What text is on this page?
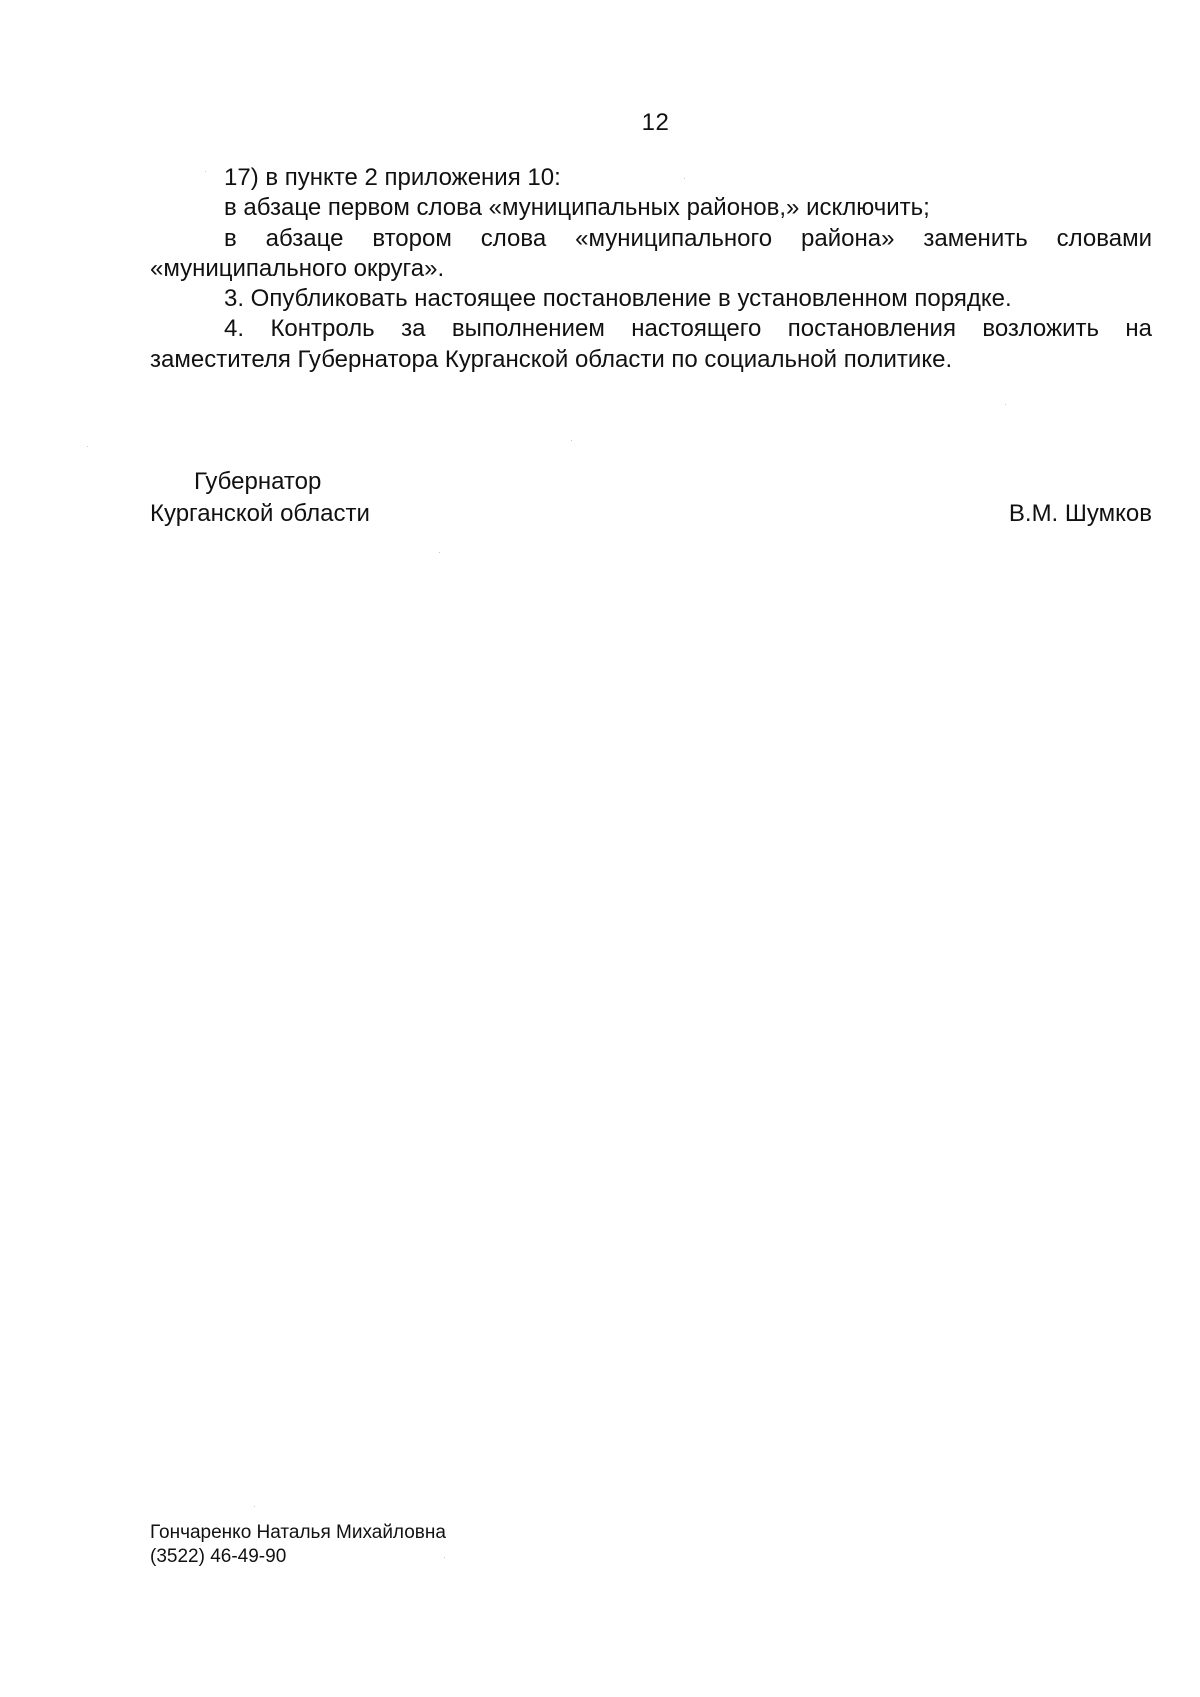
12

17) в пункте 2 приложения 10:

в абзаце первом слова «муниципальных районов,» исключить;

в абзаце втором слова «муниципального района» заменить словами «муниципального округа».

3. Опубликовать настоящее постановление в установленном порядке.

4. Контроль за выполнением настоящего постановления возложить на заместителя Губернатора Курганской области по социальной политике.

Губернатор
Курганской области	В.М. Шумков
Гончаренко Наталья Михайловна
(3522) 46-49-90
